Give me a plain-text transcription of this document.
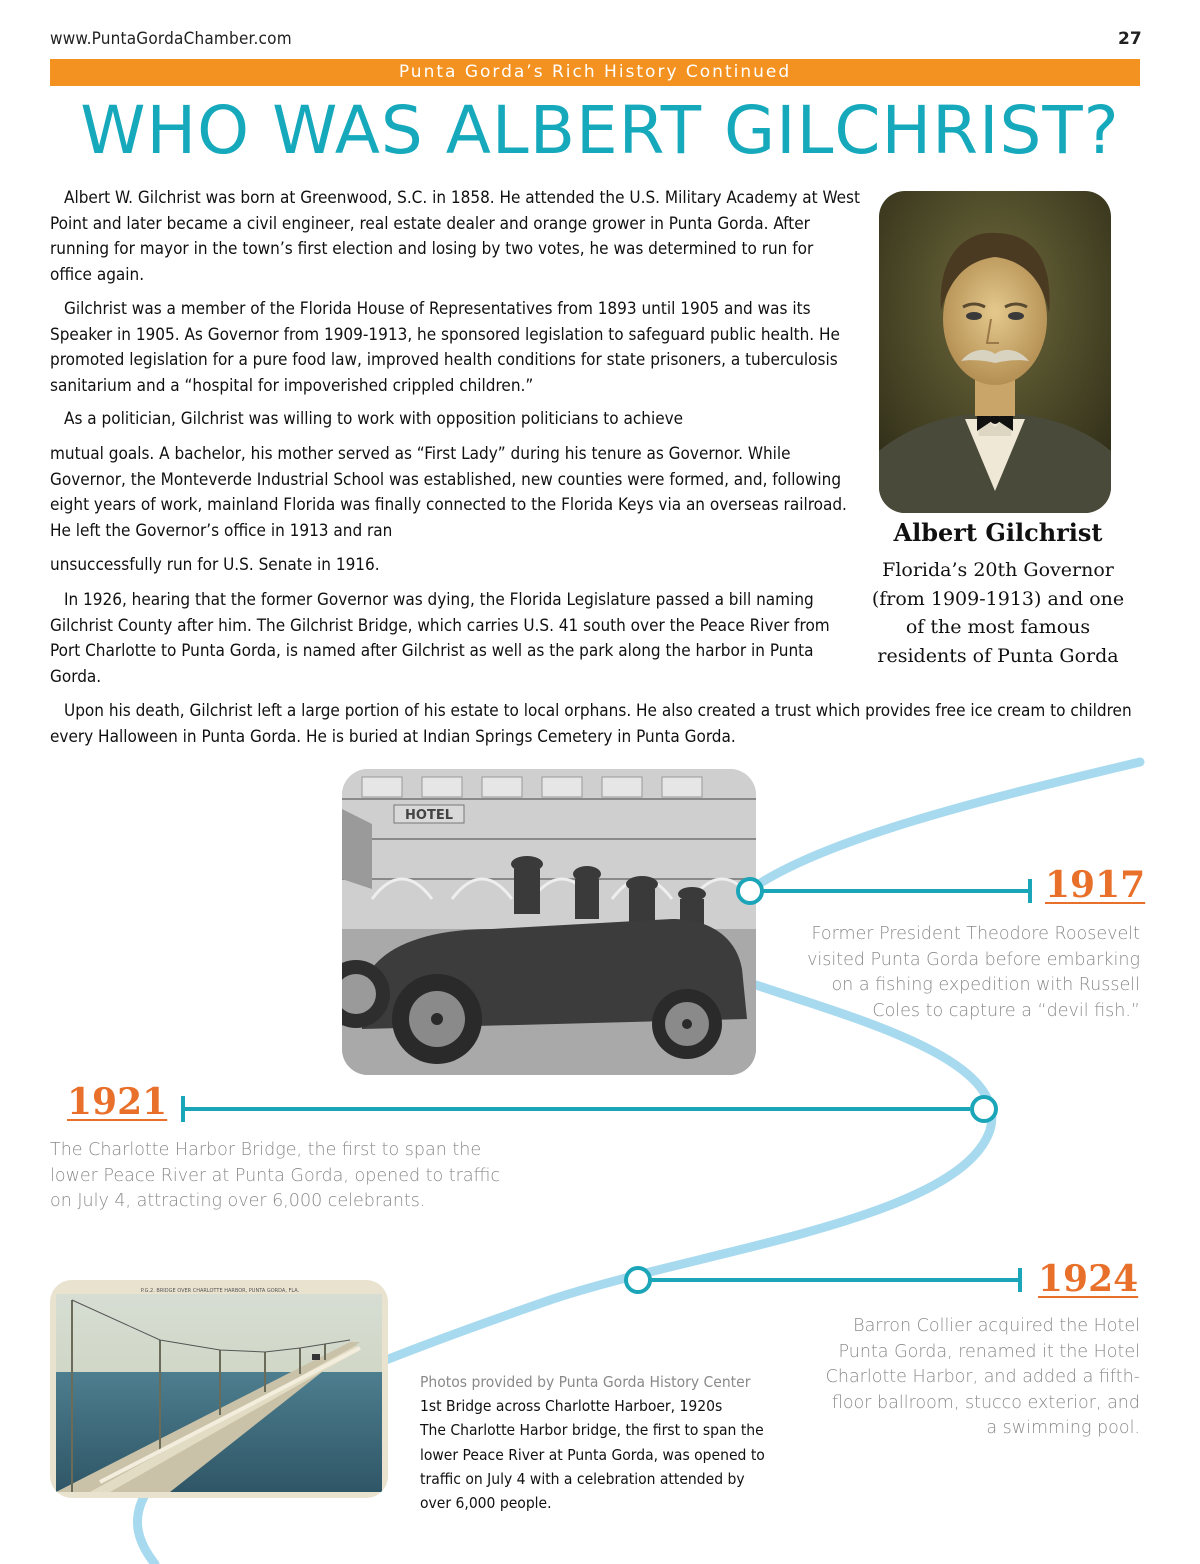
www.PuntaGordaChamber.com	27
Punta Gorda’s Rich History Continued
WHO WAS ALBERT GILCHRIST?

Albert W. Gilchrist was born at Greenwood, S.C. in 1858. He attended the U.S. Military Academy at West Point and later became a civil engineer, real estate dealer and orange grower in Punta Gorda. After running for mayor in the town’s first election and losing by two votes, he was determined to run for office again.

Gilchrist was a member of the Florida House of Representatives from 1893 until 1905 and was its Speaker in 1905. As Governor from 1909-1913, he sponsored legislation to safeguard public health. He promoted legislation for a pure food law, improved health conditions for state prisoners, a tuberculosis sanitarium and a “hospital for impoverished crippled children.”

As a politician, Gilchrist was willing to work with opposition politicians to achieve

mutual goals. A bachelor, his mother served as “First Lady” during his tenure as Governor. While Governor, the Monteverde Industrial School was established, new counties were formed, and, following eight years of work, mainland Florida was finally connected to the Florida Keys via an overseas railroad. He left the Governor’s office in 1913 and ran

unsuccessfully run for U.S. Senate in 1916.

In 1926, hearing that the former Governor was dying, the Florida Legislature passed a bill naming Gilchrist County after him. The Gilchrist Bridge, which carries U.S. 41 south over the Peace River from Port Charlotte to Punta Gorda, is named after Gilchrist as well as the park along the harbor in Punta Gorda.

Upon his death, Gilchrist left a large portion of his estate to local orphans. He also created a trust which provides free ice cream to children every Halloween in Punta Gorda. He is buried at Indian Springs Cemetery in Punta Gorda.

Albert Gilchrist
Florida’s 20th Governor (from 1909-1913) and one of the most famous residents of Punta Gorda
HOTEL
P.G.2. BRIDGE OVER CHARLOTTE HARBOR, PUNTA GORDA, FLA.
1917
Former President Theodore Roosevelt visited Punta Gorda before embarking on a fishing expedition with Russell Coles to capture a “devil fish.”
1921
The Charlotte Harbor Bridge, the first to span the lower Peace River at Punta Gorda, opened to traffic on July 4, attracting over 6,000 celebrants.
1924
Barron Collier acquired the Hotel Punta Gorda, renamed it the Hotel Charlotte Harbor, and added a fifth-floor ballroom, stucco exterior, and a swimming pool.
Photos provided by Punta Gorda History Center
1st Bridge across Charlotte Harboer, 1920s
The Charlotte Harbor bridge, the first to span the lower Peace River at Punta Gorda, was opened to traffic on July 4 with a celebration attended by over 6,000 people.
